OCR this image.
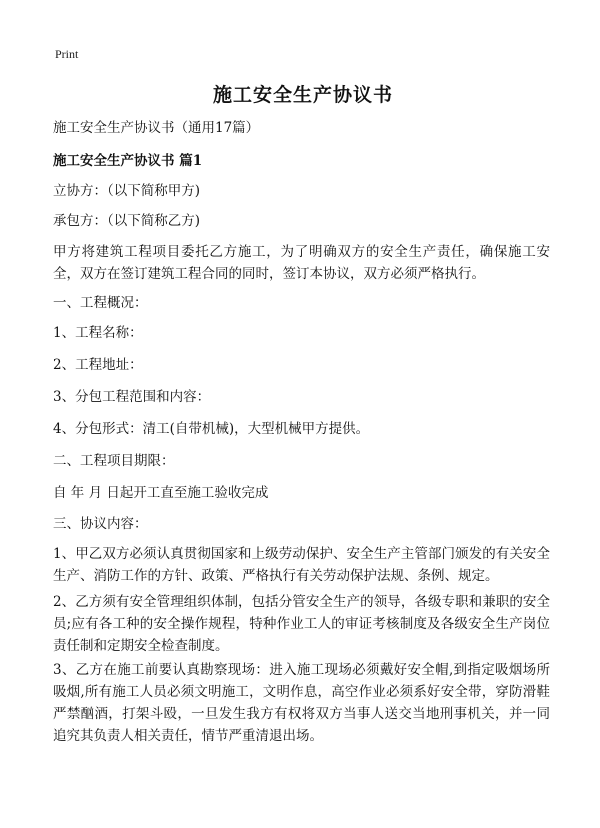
Print
施工安全生产协议书
施工安全生产协议书（通用17篇）
施工安全生产协议书 篇1
立协方：（以下简称甲方)
承包方：（以下简称乙方)
甲方将建筑工程项目委托乙方施工，为了明确双方的安全生产责任，确保施工安全，双方在签订建筑工程合同的同时，签订本协议，双方必须严格执行。
一、工程概况：
1、工程名称：
2、工程地址：
3、分包工程范围和内容：
4、分包形式：清工(自带机械)，大型机械甲方提供。
二、工程项目期限：
自 年 月 日起开工直至施工验收完成
三、协议内容：
1、甲乙双方必须认真贯彻国家和上级劳动保护、安全生产主管部门颁发的有关安全生产、消防工作的方针、政策、严格执行有关劳动保护法规、条例、规定。
2、乙方须有安全管理组织体制，包括分管安全生产的领导，各级专职和兼职的安全员;应有各工种的安全操作规程，特种作业工人的审证考核制度及各级安全生产岗位责任制和定期安全检查制度。
3、乙方在施工前要认真勘察现场：进入施工现场必须戴好安全帽,到指定吸烟场所吸烟,所有施工人员必须文明施工，文明作息，高空作业必须系好安全带，穿防滑鞋严禁酗酒，打架斗殴，一旦发生我方有权将双方当事人送交当地刑事机关，并一同追究其负责人相关责任，情节严重清退出场。
